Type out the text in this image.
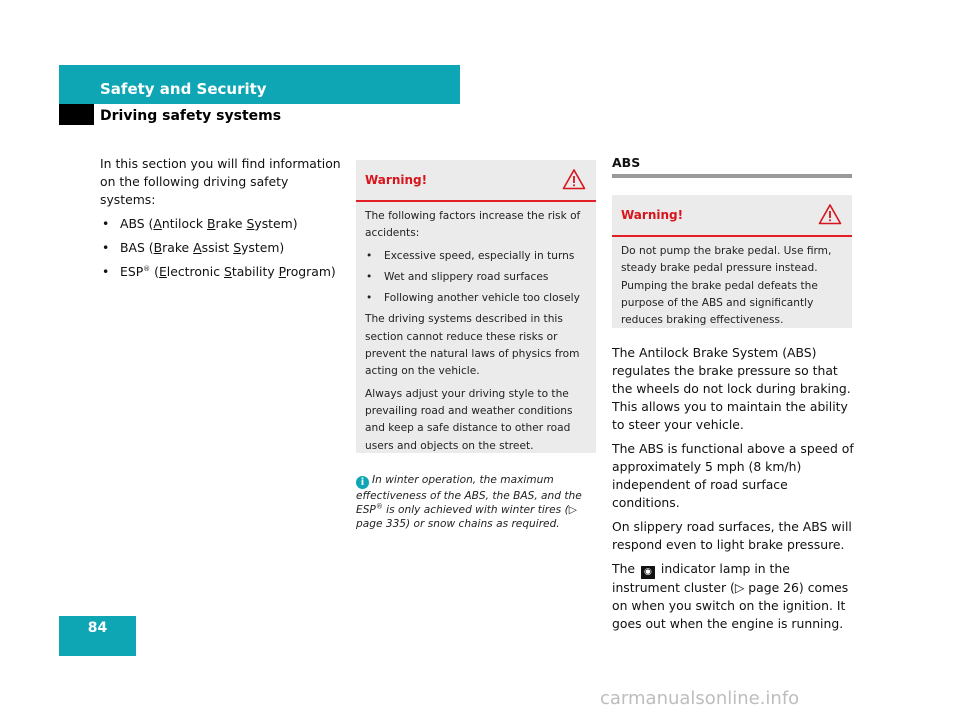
Safety and Security
Driving safety systems

In this section you will find information on the following driving safety systems:

• ABS (Antilock Brake System)
• BAS (Brake Assist System)
• ESP® (Electronic Stability Program)
Warning!

The following factors increase the risk of accidents:

• Excessive speed, especially in turns
• Wet and slippery road surfaces
• Following another vehicle too closely

The driving systems described in this section cannot reduce these risks or prevent the natural laws of physics from acting on the vehicle.

Always adjust your driving style to the prevailing road and weather conditions and keep a safe distance to other road users and objects on the street.

i In winter operation, the maximum effectiveness of the ABS, the BAS, and the ESP® is only achieved with winter tires (▷ page 335) or snow chains as required.
ABS
Warning!

Do not pump the brake pedal. Use firm, steady brake pedal pressure instead. Pumping the brake pedal defeats the purpose of the ABS and significantly reduces braking effectiveness.

The Antilock Brake System (ABS) regulates the brake pressure so that the wheels do not lock during braking. This allows you to maintain the ability to steer your vehicle.

The ABS is functional above a speed of approximately 5 mph (8 km/h) independent of road surface conditions.

On slippery road surfaces, the ABS will respond even to light brake pressure.

The ◉ indicator lamp in the instrument cluster (▷ page 26) comes on when you switch on the ignition. It goes out when the engine is running.

84
carmanualsonline.info
